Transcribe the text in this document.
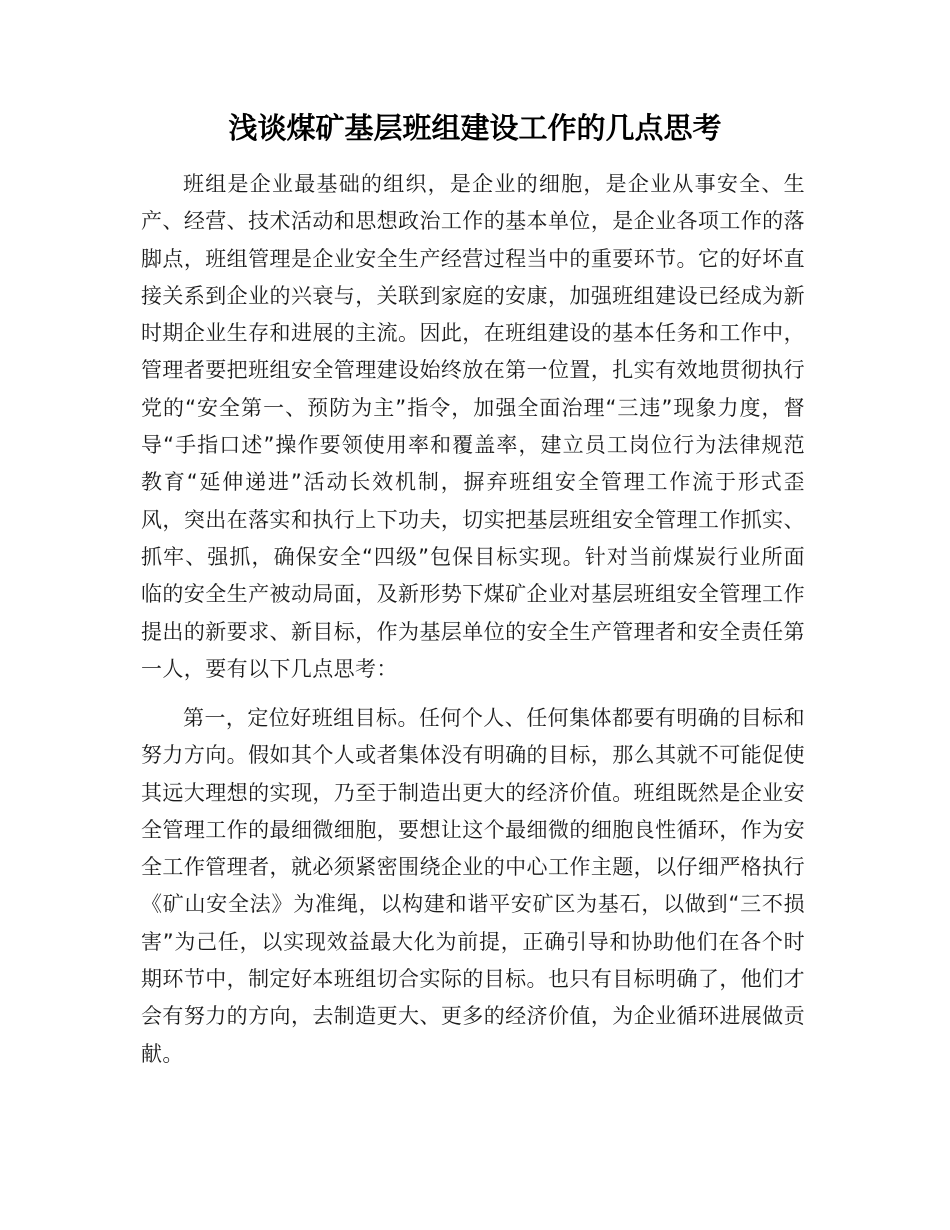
浅谈煤矿基层班组建设工作的几点思考

班组是企业最基础的组织，是企业的细胞，是企业从事安全、生产、经营、技术活动和思想政治工作的基本单位，是企业各项工作的落脚点，班组管理是企业安全生产经营过程当中的重要环节。它的好坏直接关系到企业的兴衰与，关联到家庭的安康，加强班组建设已经成为新时期企业生存和进展的主流。因此，在班组建设的基本任务和工作中，管理者要把班组安全管理建设始终放在第一位置，扎实有效地贯彻执行党的“安全第一、预防为主”指令，加强全面治理“三违”现象力度，督导“手指口述”操作要领使用率和覆盖率，建立员工岗位行为法律规范教育“延伸递进”活动长效机制，摒弃班组安全管理工作流于形式歪风，突出在落实和执行上下功夫，切实把基层班组安全管理工作抓实、抓牢、强抓，确保安全“四级”包保目标实现。针对当前煤炭行业所面临的安全生产被动局面，及新形势下煤矿企业对基层班组安全管理工作提出的新要求、新目标，作为基层单位的安全生产管理者和安全责任第一人，要有以下几点思考：

第一，定位好班组目标。任何个人、任何集体都要有明确的目标和努力方向。假如其个人或者集体没有明确的目标，那么其就不可能促使其远大理想的实现，乃至于制造出更大的经济价值。班组既然是企业安全管理工作的最细微细胞，要想让这个最细微的细胞良性循环，作为安全工作管理者，就必须紧密围绕企业的中心工作主题，以仔细严格执行《矿山安全法》为准绳，以构建和谐平安矿区为基石，以做到“三不损害”为己任，以实现效益最大化为前提，正确引导和协助他们在各个时期环节中，制定好本班组切合实际的目标。也只有目标明确了，他们才会有努力的方向，去制造更大、更多的经济价值，为企业循环进展做贡献。
